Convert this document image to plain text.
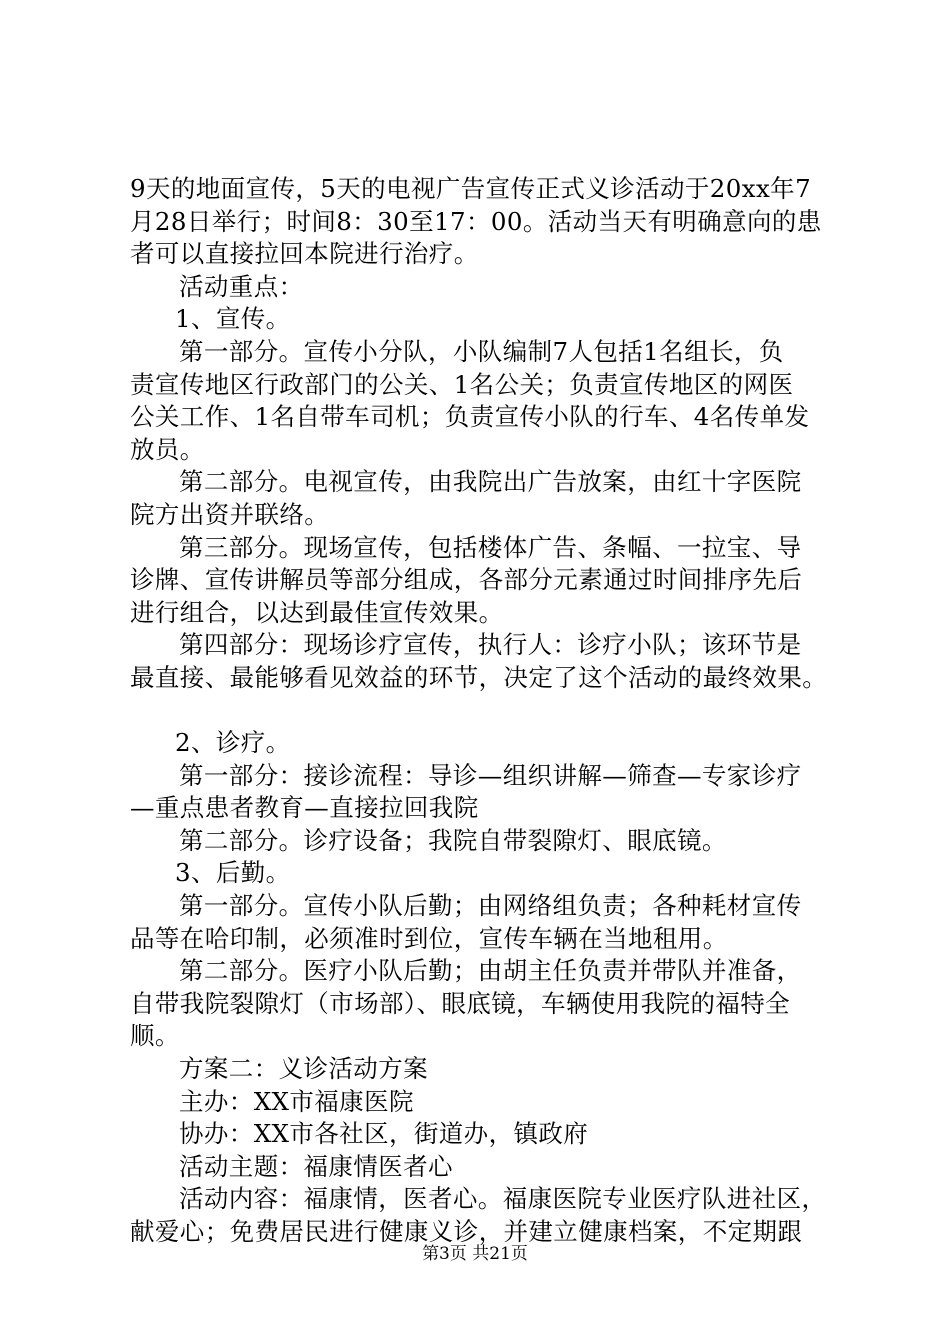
9天的地面宣传，5天的电视广告宣传正式义诊活动于20xx年7
月28日举行；时间8：30至17：00。活动当天有明确意向的患
者可以直接拉回本院进行治疗。
活动重点：
1、宣传。
第一部分。宣传小分队，小队编制7人包括1名组长，负
责宣传地区行政部门的公关、1名公关；负责宣传地区的网医
公关工作、1名自带车司机；负责宣传小队的行车、4名传单发
放员。
第二部分。电视宣传，由我院出广告放案，由红十字医院
院方出资并联络。
第三部分。现场宣传，包括楼体广告、条幅、一拉宝、导
诊牌、宣传讲解员等部分组成，各部分元素通过时间排序先后
进行组合，以达到最佳宣传效果。
第四部分：现场诊疗宣传，执行人：诊疗小队；该环节是
最直接、最能够看见效益的环节，决定了这个活动的最终效果。
2、诊疗。
第一部分：接诊流程：导诊—组织讲解—筛查—专家诊疗
—重点患者教育—直接拉回我院
第二部分。诊疗设备；我院自带裂隙灯、眼底镜。
3、后勤。
第一部分。宣传小队后勤；由网络组负责；各种耗材宣传
品等在哈印制，必须准时到位，宣传车辆在当地租用。
第二部分。医疗小队后勤；由胡主任负责并带队并准备，
自带我院裂隙灯（市场部）、眼底镜，车辆使用我院的福特全
顺。
方案二：义诊活动方案
主办：XX市福康医院
协办：XX市各社区，街道办，镇政府
活动主题：福康情医者心
活动内容：福康情，医者心。福康医院专业医疗队进社区，
献爱心；免费居民进行健康义诊，并建立健康档案，不定期跟
第3页 共21页
